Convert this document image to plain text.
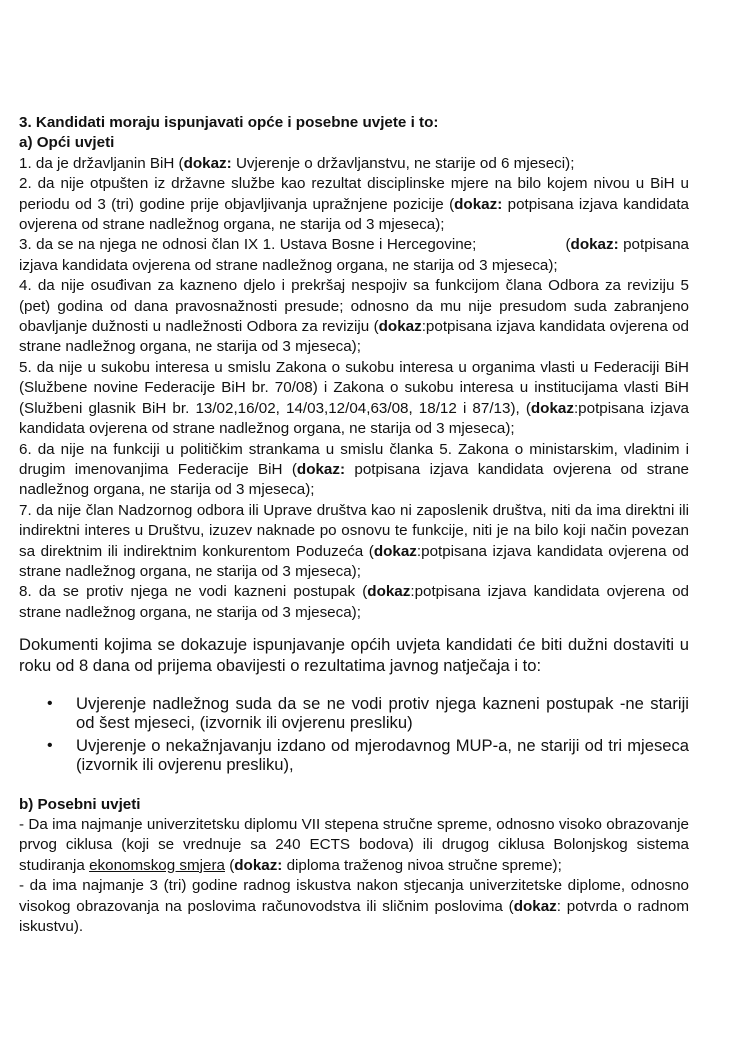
3. Kandidati moraju ispunjavati opće i posebne uvjete i to:
a) Opći uvjeti
1. da je državljanin BiH (dokaz: Uvjerenje o državljanstvu, ne starije od 6 mjeseci);
2. da nije otpušten iz državne službe kao rezultat disciplinske mjere na bilo kojem nivou u BiH u periodu od 3 (tri) godine prije objavljivanja upražnjene pozicije (dokaz: potpisana izjava kandidata ovjerena od strane nadležnog organa, ne starija od 3 mjeseca);
3. da se na njega ne odnosi član IX 1. Ustava Bosne i Hercegovine;                    (dokaz: potpisana izjava kandidata ovjerena od strane nadležnog organa, ne starija od 3 mjeseca);
4. da nije osuđivan za kazneno djelo i prekršaj nespojiv sa funkcijom člana Odbora za reviziju 5 (pet) godina od dana pravosnažnosti presude; odnosno da mu nije presudom suda zabranjeno obavljanje dužnosti u nadležnosti Odbora za reviziju (dokaz:potpisana izjava kandidata ovjerena od strane nadležnog organa, ne starija od 3 mjeseca);
5. da nije u sukobu interesa u smislu Zakona o sukobu interesa u organima vlasti u Federaciji BiH (Službene novine Federacije BiH br. 70/08) i Zakona o sukobu interesa u institucijama vlasti BiH (Službeni glasnik BiH br. 13/02,16/02, 14/03,12/04,63/08, 18/12 i 87/13), (dokaz:potpisana izjava kandidata ovjerena od strane nadležnog organa, ne starija od 3 mjeseca);
6. da nije na funkciji u političkim strankama u smislu članka 5. Zakona o ministarskim, vladinim i drugim imenovanjima Federacije BiH (dokaz: potpisana izjava kandidata ovjerena od strane nadležnog organa, ne starija od 3 mjeseca);
7. da nije član Nadzornog odbora ili Uprave društva kao ni zaposlenik društva, niti da ima direktni ili indirektni interes u Društvu, izuzev naknade po osnovu te funkcije, niti je na bilo koji način povezan sa direktnim ili indirektnim konkurentom Poduzeća (dokaz:potpisana izjava kandidata ovjerena od strane nadležnog organa, ne starija od 3 mjeseca);
8. da se protiv njega ne vodi kazneni postupak (dokaz:potpisana izjava kandidata ovjerena od strane nadležnog organa, ne starija od 3 mjeseca);
Dokumenti kojima se dokazuje ispunjavanje općih uvjeta kandidati će biti dužni dostaviti u roku od 8 dana od prijema obavijesti o rezultatima javnog natječaja i to:
• Uvjerenje nadležnog suda da se ne vodi protiv njega kazneni postupak -ne stariji od šest mjeseci, (izvornik ili ovjerenu presliku)
• Uvjerenje o nekažnjavanju izdano od mjerodavnog MUP-a, ne stariji od tri mjeseca (izvornik ili ovjerenu presliku),
b) Posebni uvjeti
- Da ima najmanje univerzitetsku diplomu VII stepena stručne spreme, odnosno visoko obrazovanje prvog ciklusa (koji se vrednuje sa 240 ECTS bodova) ili drugog ciklusa Bolonjskog sistema studiranja ekonomskog smjera (dokaz: diploma traženog nivoa stručne spreme);
- da ima najmanje 3 (tri) godine radnog iskustva nakon stjecanja univerzitetske diplome, odnosno visokog obrazovanja na poslovima računovodstva ili sličnim poslovima (dokaz: potvrda o radnom iskustvu).
